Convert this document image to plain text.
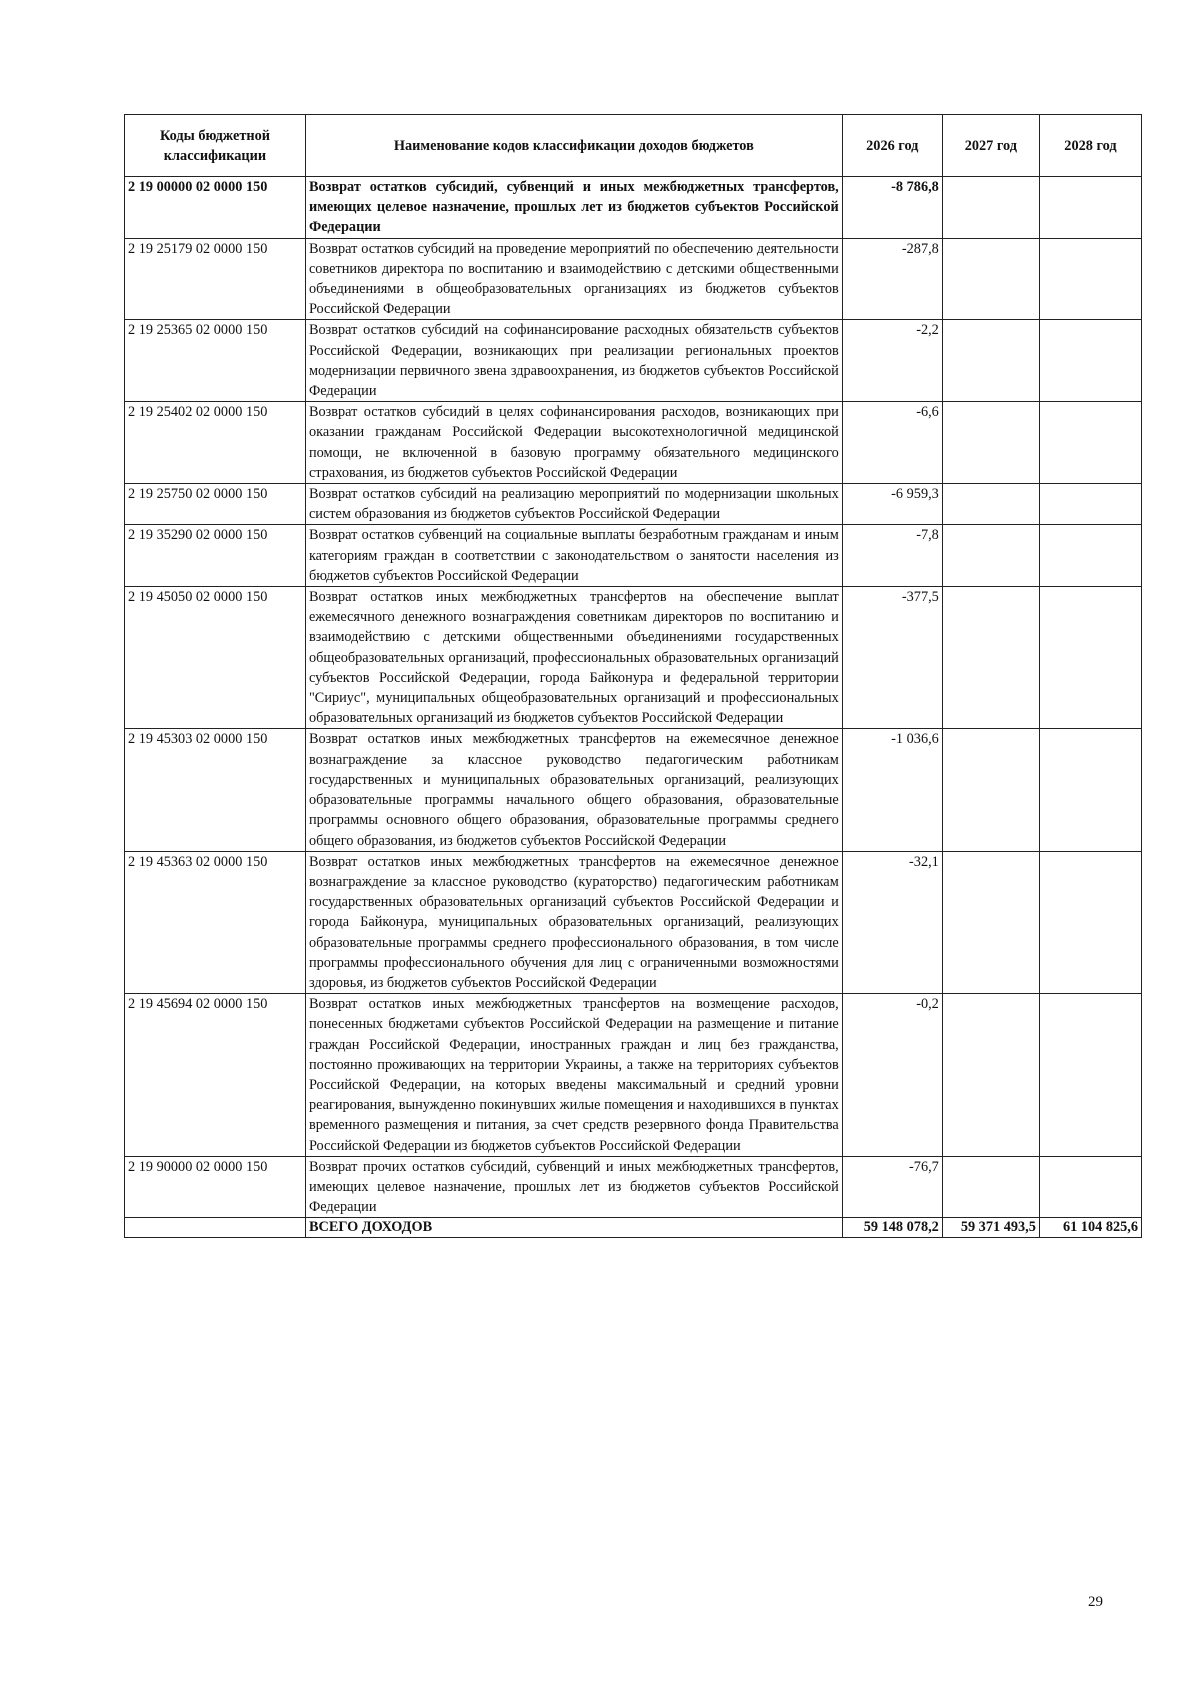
Коды бюджетной классификации	Наименование кодов классификации доходов бюджетов	2026 год	2027 год	2028 год
2 19 00000 02 0000 150	Возврат остатков субсидий, субвенций и иных межбюджетных трансфертов, имеющих целевое назначение, прошлых лет из бюджетов субъектов Российской Федерации	-8 786,8		
2 19 25179 02 0000 150	Возврат остатков субсидий на проведение мероприятий по обеспечению деятельности советников директора по воспитанию и взаимодействию с детскими общественными объединениями в общеобразовательных организациях из бюджетов субъектов Российской Федерации	-287,8		
2 19 25365 02 0000 150	Возврат остатков субсидий на софинансирование расходных обязательств субъектов Российской Федерации, возникающих при реализации региональных проектов модернизации первичного звена здравоохранения, из бюджетов субъектов Российской Федерации	-2,2		
2 19 25402 02 0000 150	Возврат остатков субсидий в целях софинансирования расходов, возникающих при оказании гражданам Российской Федерации высокотехнологичной медицинской помощи, не включенной в базовую программу обязательного медицинского страхования, из бюджетов субъектов Российской Федерации	-6,6		
2 19 25750 02 0000 150	Возврат остатков субсидий на реализацию мероприятий по модернизации школьных систем образования из бюджетов субъектов Российской Федерации	-6 959,3		
2 19 35290 02 0000 150	Возврат остатков субвенций на социальные выплаты безработным гражданам и иным категориям граждан в соответствии с законодательством о занятости населения из бюджетов субъектов Российской Федерации	-7,8		
2 19 45050 02 0000 150	Возврат остатков иных межбюджетных трансфертов на обеспечение выплат ежемесячного денежного вознаграждения советникам директоров по воспитанию и взаимодействию с детскими общественными объединениями государственных общеобразовательных организаций, профессиональных образовательных организаций субъектов Российской Федерации, города Байконура и федеральной территории "Сириус", муниципальных общеобразовательных организаций и профессиональных образовательных организаций из бюджетов субъектов Российской Федерации	-377,5		
2 19 45303 02 0000 150	Возврат остатков иных межбюджетных трансфертов на ежемесячное денежное вознаграждение за классное руководство педагогическим работникам государственных и муниципальных образовательных организаций, реализующих образовательные программы начального общего образования, образовательные программы основного общего образования, образовательные программы среднего общего образования, из бюджетов субъектов Российской Федерации	-1 036,6		
2 19 45363 02 0000 150	Возврат остатков иных межбюджетных трансфертов на ежемесячное денежное вознаграждение за классное руководство (кураторство) педагогическим работникам государственных образовательных организаций субъектов Российской Федерации и города Байконура, муниципальных образовательных организаций, реализующих образовательные программы среднего профессионального образования, в том числе программы профессионального обучения для лиц с ограниченными возможностями здоровья, из бюджетов субъектов Российской Федерации	-32,1		
2 19 45694 02 0000 150	Возврат остатков иных межбюджетных трансфертов на возмещение расходов, понесенных бюджетами субъектов Российской Федерации на размещение и питание граждан Российской Федерации, иностранных граждан и лиц без гражданства, постоянно проживающих на территории Украины, а также на территориях субъектов Российской Федерации, на которых введены максимальный и средний уровни реагирования, вынужденно покинувших жилые помещения и находившихся в пунктах временного размещения и питания, за счет средств резервного фонда Правительства Российской Федерации из бюджетов субъектов Российской Федерации	-0,2		
2 19 90000 02 0000 150	Возврат прочих остатков субсидий, субвенций и иных межбюджетных трансфертов, имеющих целевое назначение, прошлых лет из бюджетов субъектов Российской Федерации	-76,7		
	ВСЕГО ДОХОДОВ	59 148 078,2	59 371 493,5	61 104 825,6
29
